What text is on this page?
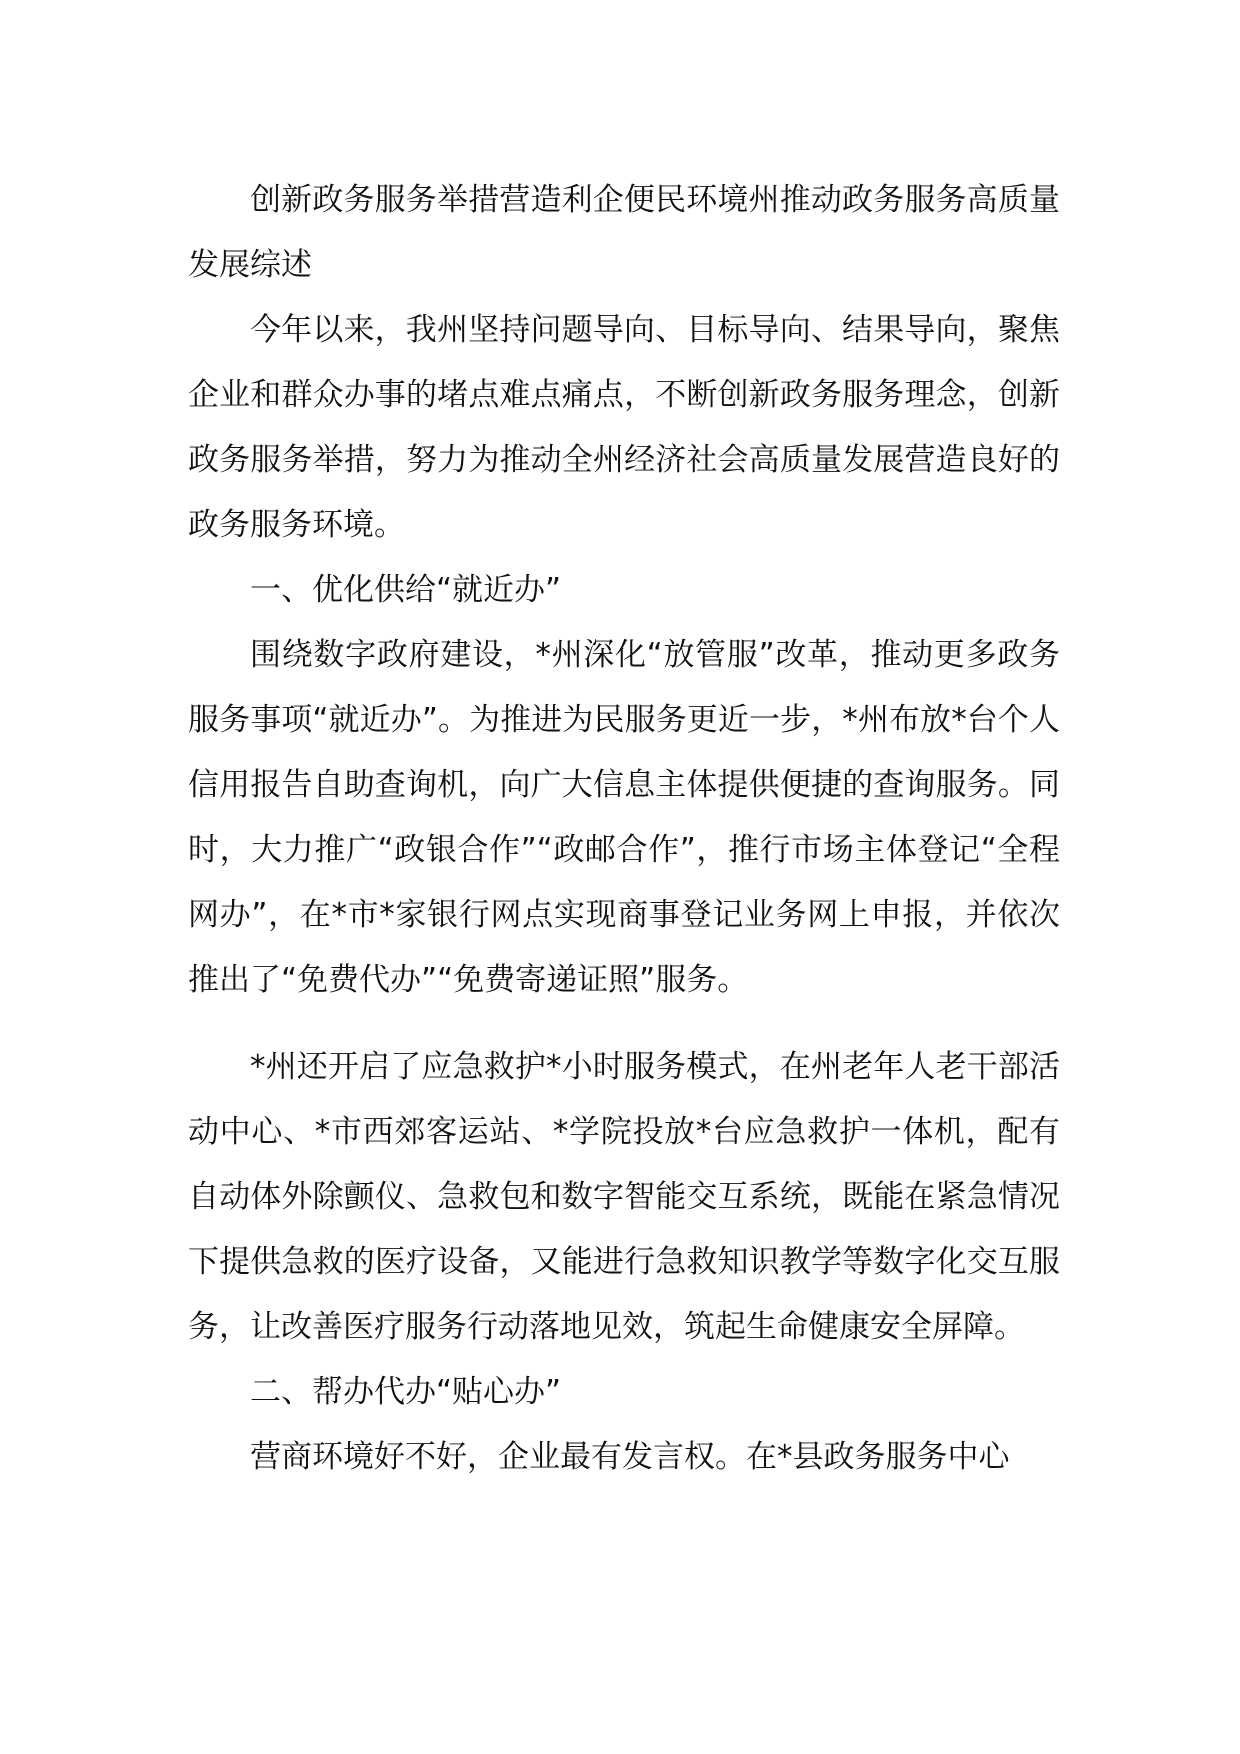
创新政务服务举措营造利企便民环境州推动政务服务高质量发展综述

今年以来，我州坚持问题导向、目标导向、结果导向，聚焦企业和群众办事的堵点难点痛点，不断创新政务服务理念，创新政务服务举措，努力为推动全州经济社会高质量发展营造良好的政务服务环境。

一、优化供给“就近办”

围绕数字政府建设，*州深化“放管服”改革，推动更多政务服务事项“就近办”。为推进为民服务更近一步，*州布放*台个人信用报告自助查询机，向广大信息主体提供便捷的查询服务。同时，大力推广“政银合作”“政邮合作”，推行市场主体登记“全程网办”，在*市*家银行网点实现商事登记业务网上申报，并依次推出了“免费代办”“免费寄递证照”服务。

*州还开启了应急救护*小时服务模式，在州老年人老干部活动中心、*市西郊客运站、*学院投放*台应急救护一体机，配有自动体外除颤仪、急救包和数字智能交互系统，既能在紧急情况下提供急救的医疗设备，又能进行急救知识教学等数字化交互服务，让改善医疗服务行动落地见效，筑起生命健康安全屏障。

二、帮办代办“贴心办”

营商环境好不好，企业最有发言权。在*县政务服务中心
